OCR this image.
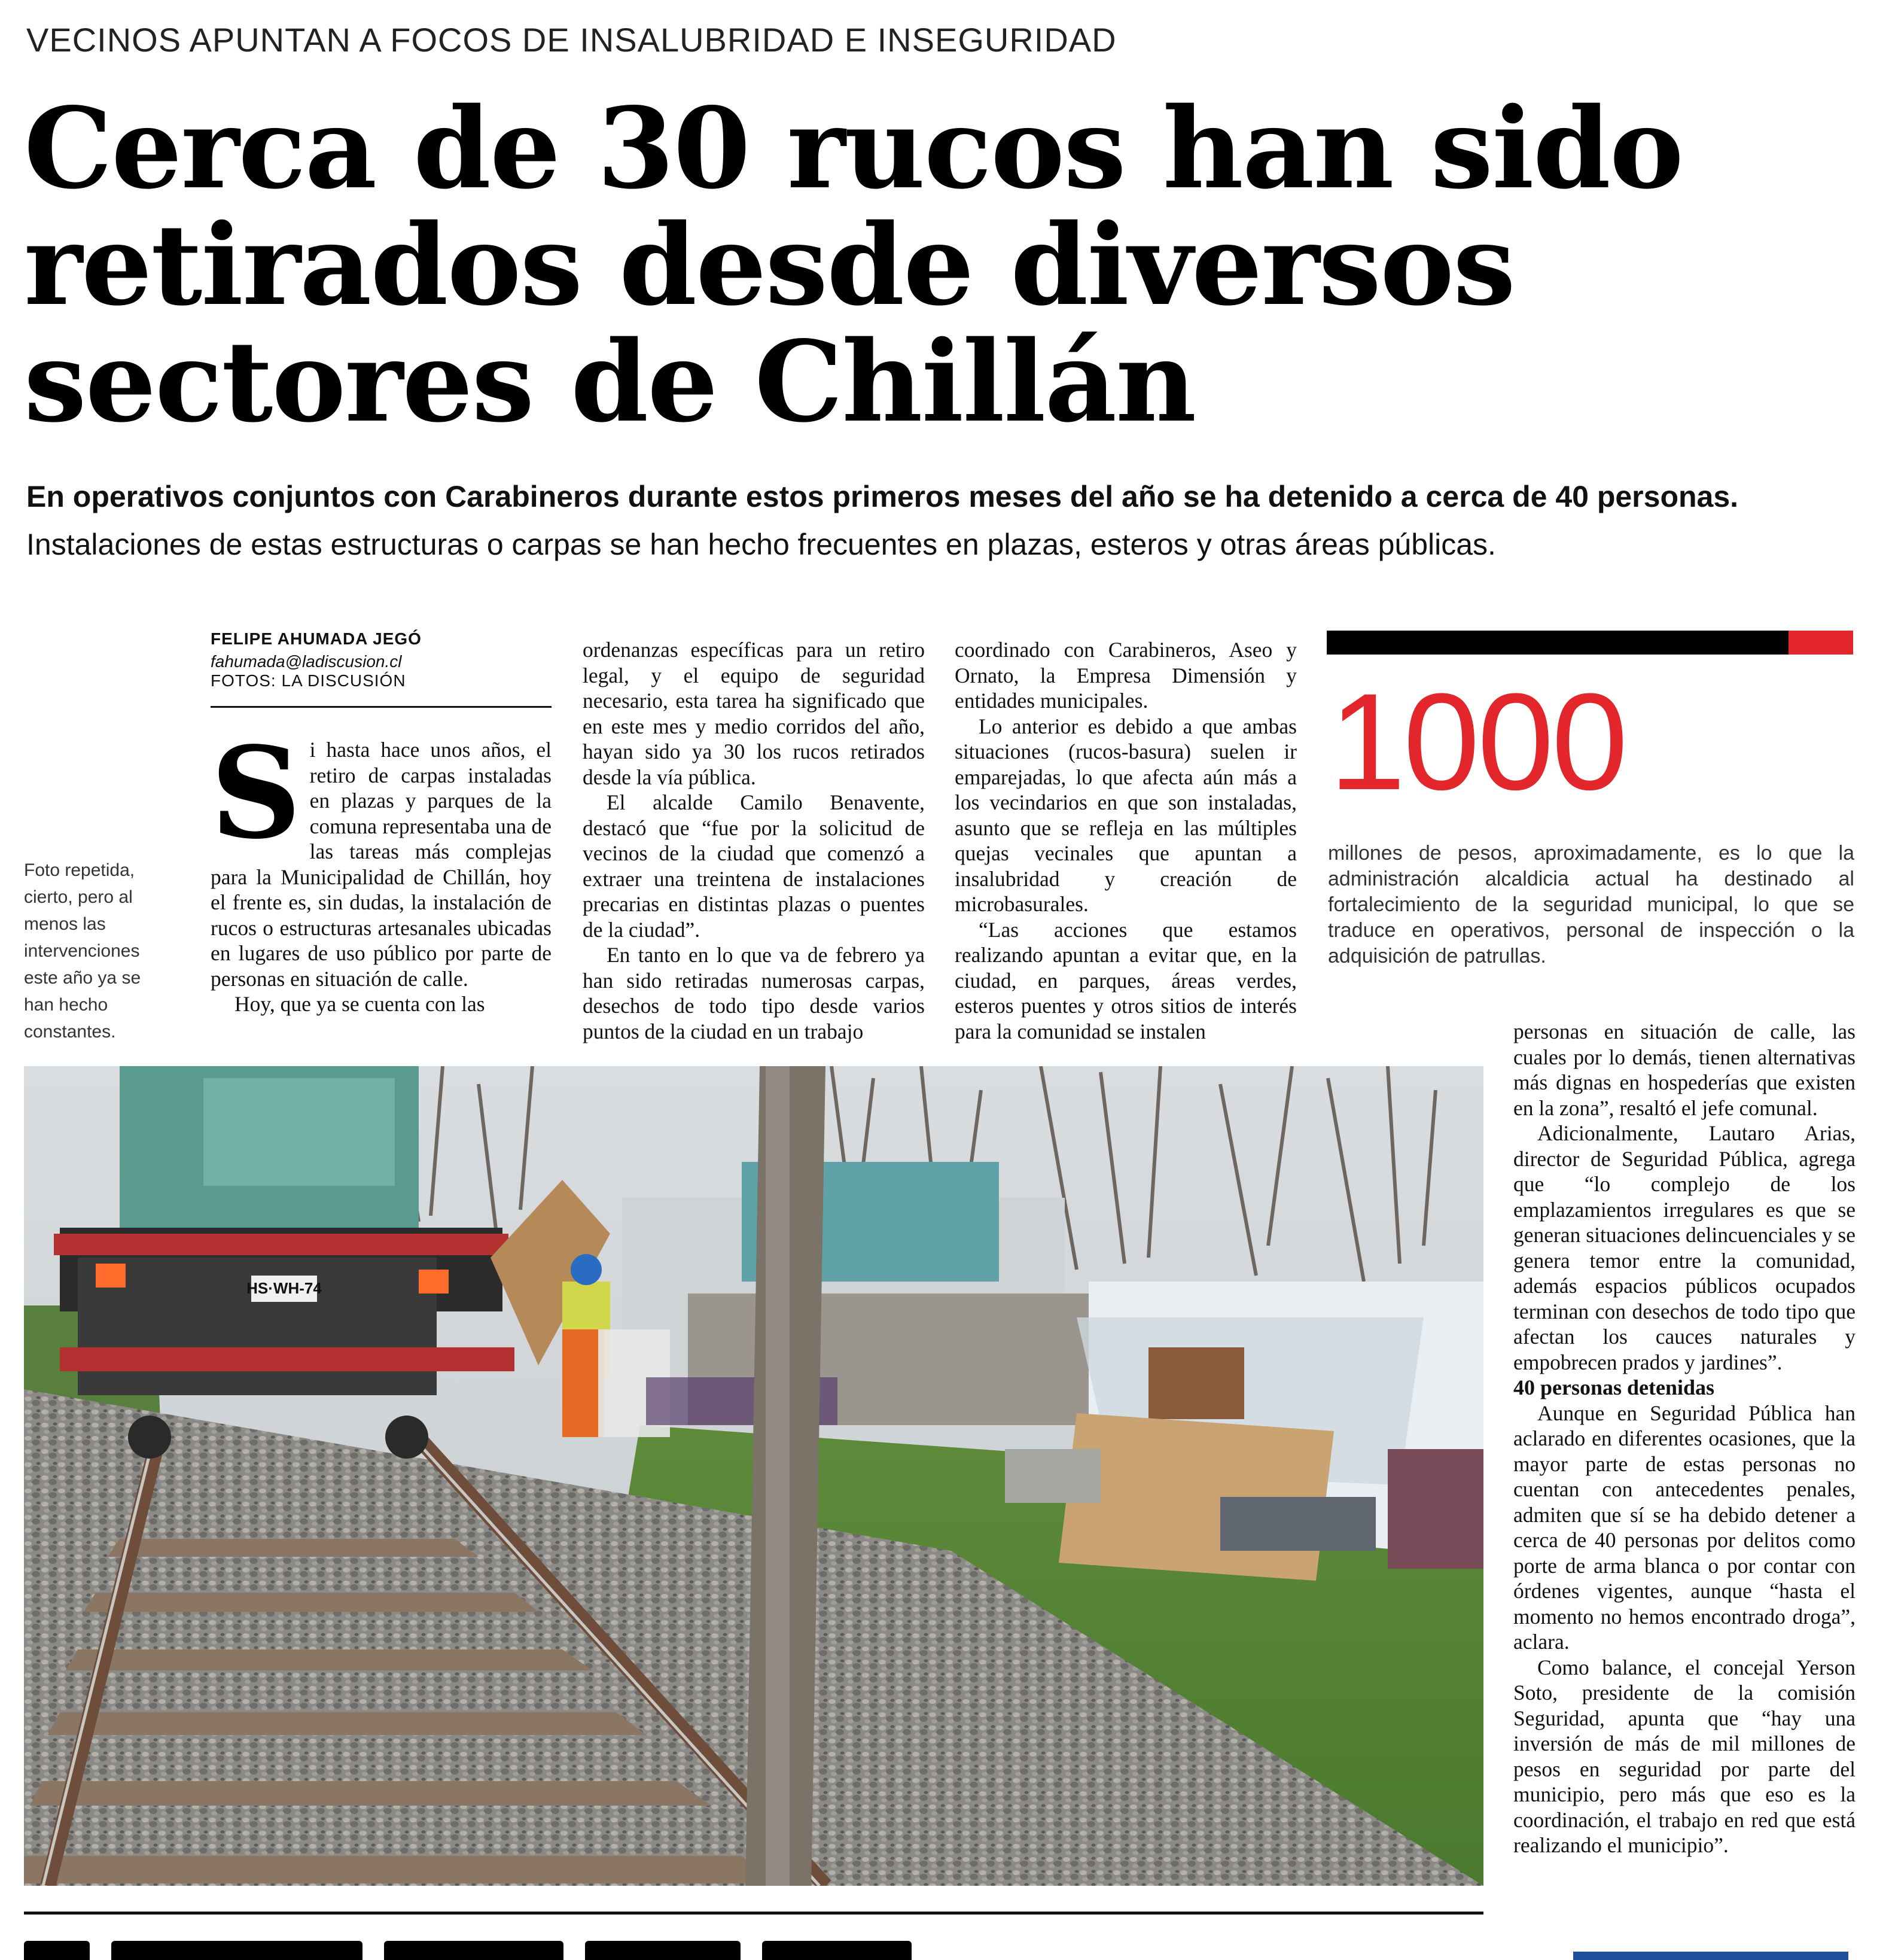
VECINOS APUNTAN A FOCOS DE INSALUBRIDAD E INSEGURIDAD
Cerca de 30 rucos han sido
retirados desde diversos
sectores de Chillán
En operativos conjuntos con Carabineros durante estos primeros meses del año se ha detenido a cerca de 40 personas. Instalaciones de estas estructuras o carpas se han hecho frecuentes en plazas, esteros y otras áreas públicas.
FELIPE AHUMADA JEGÓ
fahumada@ladiscusion.cl
FOTOS: LA DISCUSIÓN
Foto repetida, cierto, pero al menos las intervenciones este año ya se han hecho constantes.
S i hasta hace unos años, el retiro de carpas instaladas en plazas y parques de la comuna representaba una de las tareas más complejas para la Municipalidad de Chillán, hoy el frente es, sin dudas, la instalación de rucos o estructuras artesanales ubicadas en lugares de uso público por parte de personas en situación de calle.

Hoy, que ya se cuenta con las

ordenanzas específicas para un retiro legal, y el equipo de seguridad necesario, esta tarea ha significado que en este mes y medio corridos del año, hayan sido ya 30 los rucos retirados desde la vía pública.

El alcalde Camilo Benavente, destacó que “fue por la solicitud de vecinos de la ciudad que comenzó a extraer una treintena de instalaciones precarias en distintas plazas o puentes de la ciudad”.

En tanto en lo que va de febrero ya han sido retiradas numerosas carpas, desechos de todo tipo desde varios puntos de la ciudad en un trabajo

coordinado con Carabineros, Aseo y Ornato, la Empresa Dimensión y entidades municipales.

Lo anterior es debido a que ambas situaciones (rucos-basura) suelen ir emparejadas, lo que afecta aún más a los vecindarios en que son instaladas, asunto que se refleja en las múltiples quejas vecinales que apuntan a insalubridad y creación de microbasurales.

“Las acciones que estamos realizando apuntan a evitar que, en la ciudad, en parques, áreas verdes, esteros puentes y otros sitios de interés para la comunidad se instalen

1000
millones de pesos, aproximadamente, es lo que la administración alcaldicia actual ha destinado al fortalecimiento de la seguridad municipal, lo que se traduce en operativos, personal de inspección o la adquisición de patrullas.

personas en situación de calle, las cuales por lo demás, tienen alternativas más dignas en hospederías que existen en la zona”, resaltó el jefe comunal.

Adicionalmente, Lautaro Arias, director de Seguridad Pública, agrega que “lo complejo de los emplazamientos irregulares es que se generan situaciones delincuenciales y se genera temor entre la comunidad, además espacios públicos ocupados terminan con desechos de todo tipo que afectan los cauces naturales y empobrecen prados y jardines”.

40 personas detenidas

Aunque en Seguridad Pública han aclarado en diferentes ocasiones, que la mayor parte de estas personas no cuentan con antecedentes penales, admiten que sí se ha debido detener a cerca de 40 personas por delitos como porte de arma blanca o por contar con órdenes vigentes, aunque “hasta el momento no hemos encontrado droga”, aclara.

Como balance, el concejal Yerson Soto, presidente de la comisión Seguridad, apunta que “hay una inversión de más de mil millones de pesos en seguridad por parte del municipio, pero más que eso es la coordinación, el trabajo en red que está realizando el municipio”.

HS·WH-74
